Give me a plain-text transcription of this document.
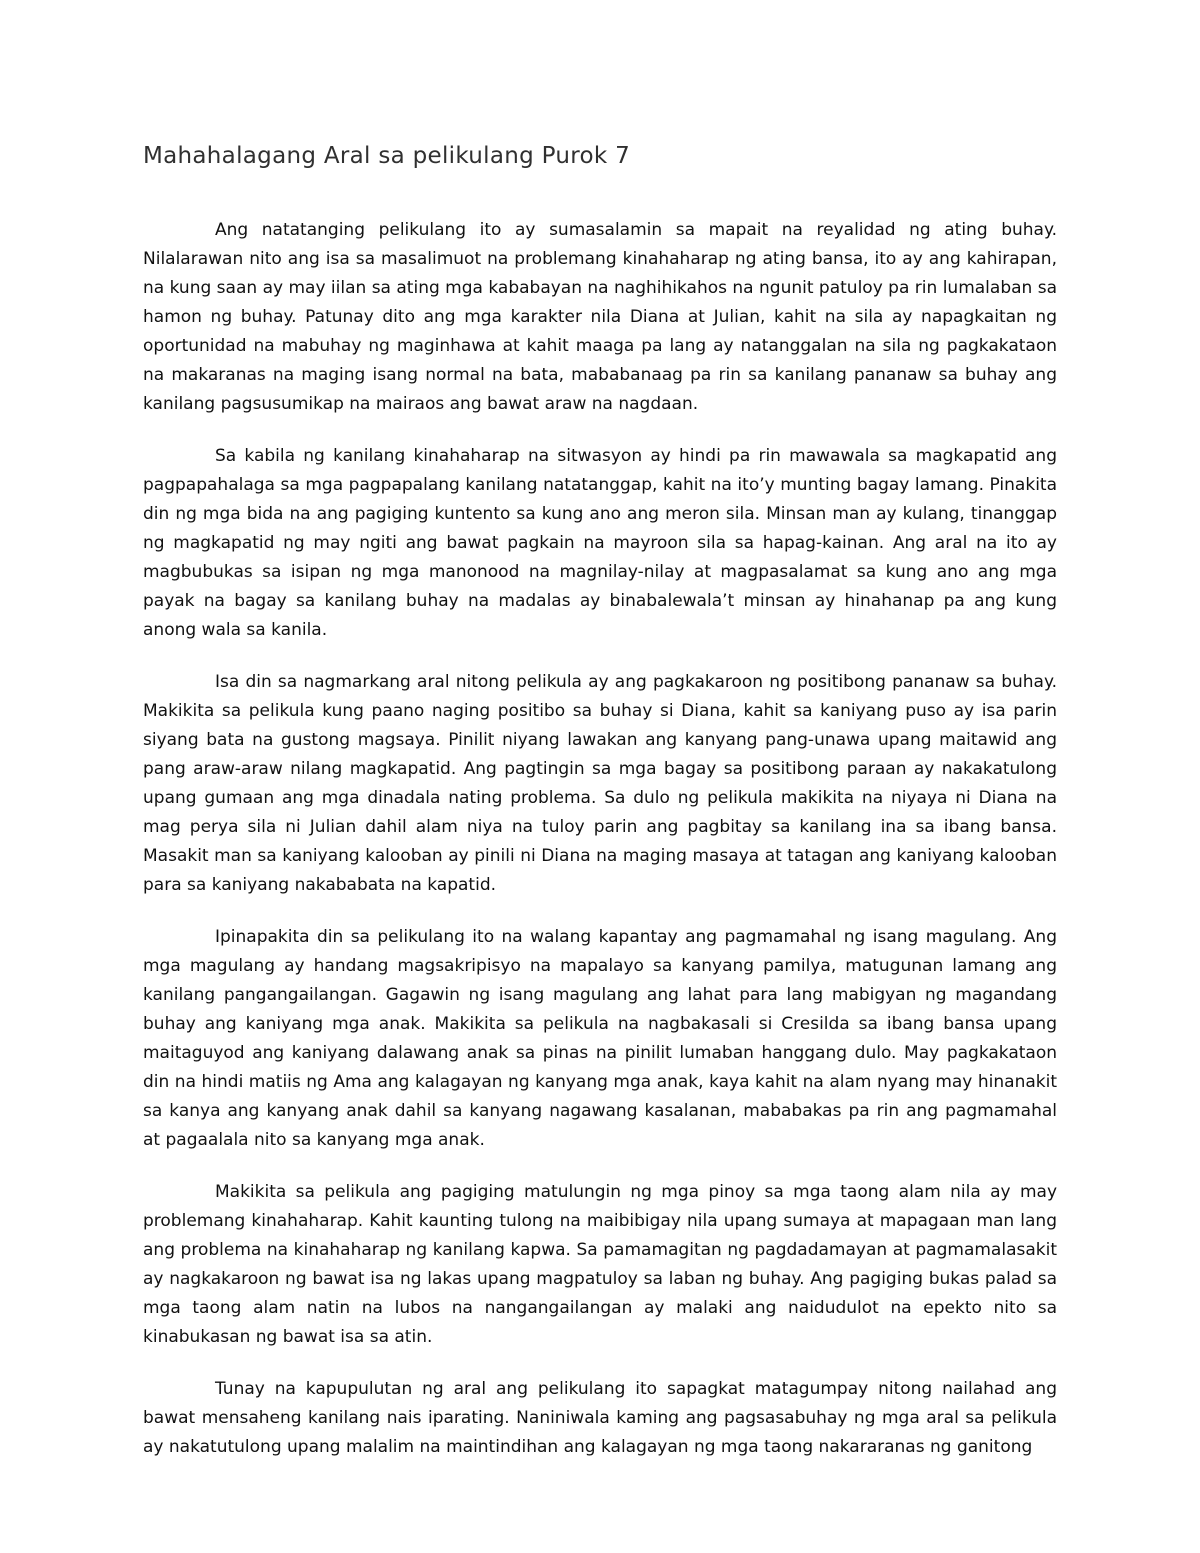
Mahahalagang Aral sa pelikulang Purok 7

Ang natatanging pelikulang ito ay sumasalamin sa mapait na reyalidad ng ating buhay. Nilalarawan nito ang isa sa masalimuot na problemang kinahaharap ng ating bansa, ito ay ang kahirapan, na kung saan ay may iilan sa ating mga kababayan na naghihikahos na ngunit patuloy pa rin lumalaban sa hamon ng buhay. Patunay dito ang mga karakter nila Diana at Julian, kahit na sila ay napagkaitan ng oportunidad na mabuhay ng maginhawa at kahit maaga pa lang ay natanggalan na sila ng pagkakataon na makaranas na maging isang normal na bata, mababanaag pa rin sa kanilang pananaw sa buhay ang kanilang pagsusumikap na mairaos ang bawat araw na nagdaan.

Sa kabila ng kanilang kinahaharap na sitwasyon ay hindi pa rin mawawala sa magkapatid ang pagpapahalaga sa mga pagpapalang kanilang natatanggap, kahit na ito’y munting bagay lamang. Pinakita din ng mga bida na ang pagiging kuntento sa kung ano ang meron sila. Minsan man ay kulang, tinanggap ng magkapatid ng may ngiti ang bawat pagkain na mayroon sila sa hapag-kainan. Ang aral na ito ay magbubukas sa isipan ng mga manonood na magnilay-nilay at magpasalamat sa kung ano ang mga payak na bagay sa kanilang buhay na madalas ay binabalewala’t minsan ay hinahanap pa ang kung anong wala sa kanila.

Isa din sa nagmarkang aral nitong pelikula ay ang pagkakaroon ng positibong pananaw sa buhay. Makikita sa pelikula kung paano naging positibo sa buhay si Diana, kahit sa kaniyang puso ay isa parin siyang bata na gustong magsaya. Pinilit niyang lawakan ang kanyang pang-unawa upang maitawid ang pang araw-araw nilang magkapatid. Ang pagtingin sa mga bagay sa positibong paraan ay nakakatulong upang gumaan ang mga dinadala nating problema. Sa dulo ng pelikula makikita na niyaya ni Diana na mag perya sila ni Julian dahil alam niya na tuloy parin ang pagbitay sa kanilang ina sa ibang bansa. Masakit man sa kaniyang kalooban ay pinili ni Diana na maging masaya at tatagan ang kaniyang kalooban para sa kaniyang nakababata na kapatid.

Ipinapakita din sa pelikulang ito na walang kapantay ang pagmamahal ng isang magulang. Ang mga magulang ay handang magsakripisyo na mapalayo sa kanyang pamilya, matugunan lamang ang kanilang pangangailangan. Gagawin ng isang magulang ang lahat para lang mabigyan ng magandang buhay ang kaniyang mga anak. Makikita sa pelikula na nagbakasali si Cresilda sa ibang bansa upang maitaguyod ang kaniyang dalawang anak sa pinas na pinilit lumaban hanggang dulo. May pagkakataon din na hindi matiis ng Ama ang kalagayan ng kanyang mga anak, kaya kahit na alam nyang may hinanakit sa kanya ang kanyang anak dahil sa kanyang nagawang kasalanan, mababakas pa rin ang pagmamahal at pagaalala nito sa kanyang mga anak.

Makikita sa pelikula ang pagiging matulungin ng mga pinoy sa mga taong alam nila ay may problemang kinahaharap. Kahit kaunting tulong na maibibigay nila upang sumaya at mapagaan man lang ang problema na kinahaharap ng kanilang kapwa. Sa pamamagitan ng pagdadamayan at pagmamalasakit ay nagkakaroon ng bawat isa ng lakas upang magpatuloy sa laban ng buhay. Ang pagiging bukas palad sa mga taong alam natin na lubos na nangangailangan ay malaki ang naidudulot na epekto nito sa kinabukasan ng bawat isa sa atin.

Tunay na kapupulutan ng aral ang pelikulang ito sapagkat matagumpay nitong nailahad ang bawat mensaheng kanilang nais iparating. Naniniwala kaming ang pagsasabuhay ng mga aral sa pelikula ay nakatutulong upang malalim na maintindihan ang kalagayan ng mga taong nakararanas ng ganitong
